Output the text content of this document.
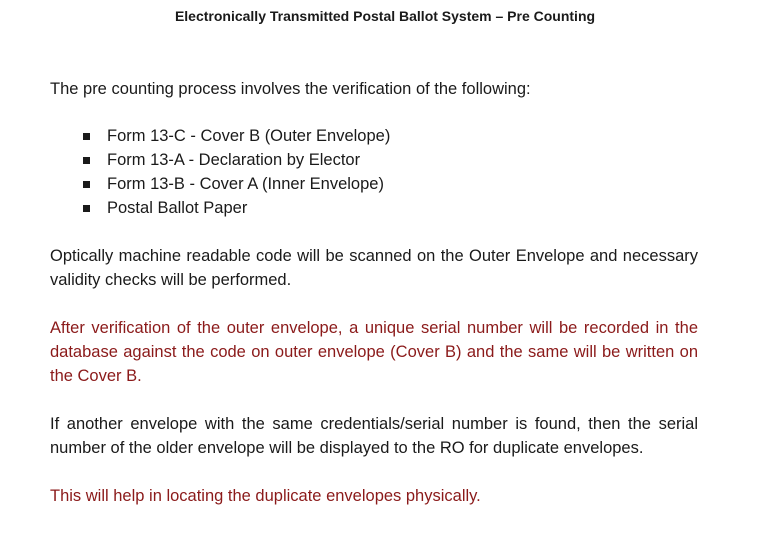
Electronically Transmitted Postal Ballot System – Pre Counting
The pre counting process involves the verification of the following:
Form 13-C - Cover B (Outer Envelope)
Form 13-A - Declaration by Elector
Form 13-B - Cover A (Inner Envelope)
Postal Ballot Paper
Optically machine readable code will be scanned on the Outer Envelope and necessary validity checks will be performed.
After verification of the outer envelope, a unique serial number will be recorded in the database against the code on outer envelope (Cover B) and the same will be written on the Cover B.
If another envelope with the same credentials/serial number is found, then the serial number of the older envelope will be displayed to the RO for duplicate envelopes.
This will help in locating the duplicate envelopes physically.
